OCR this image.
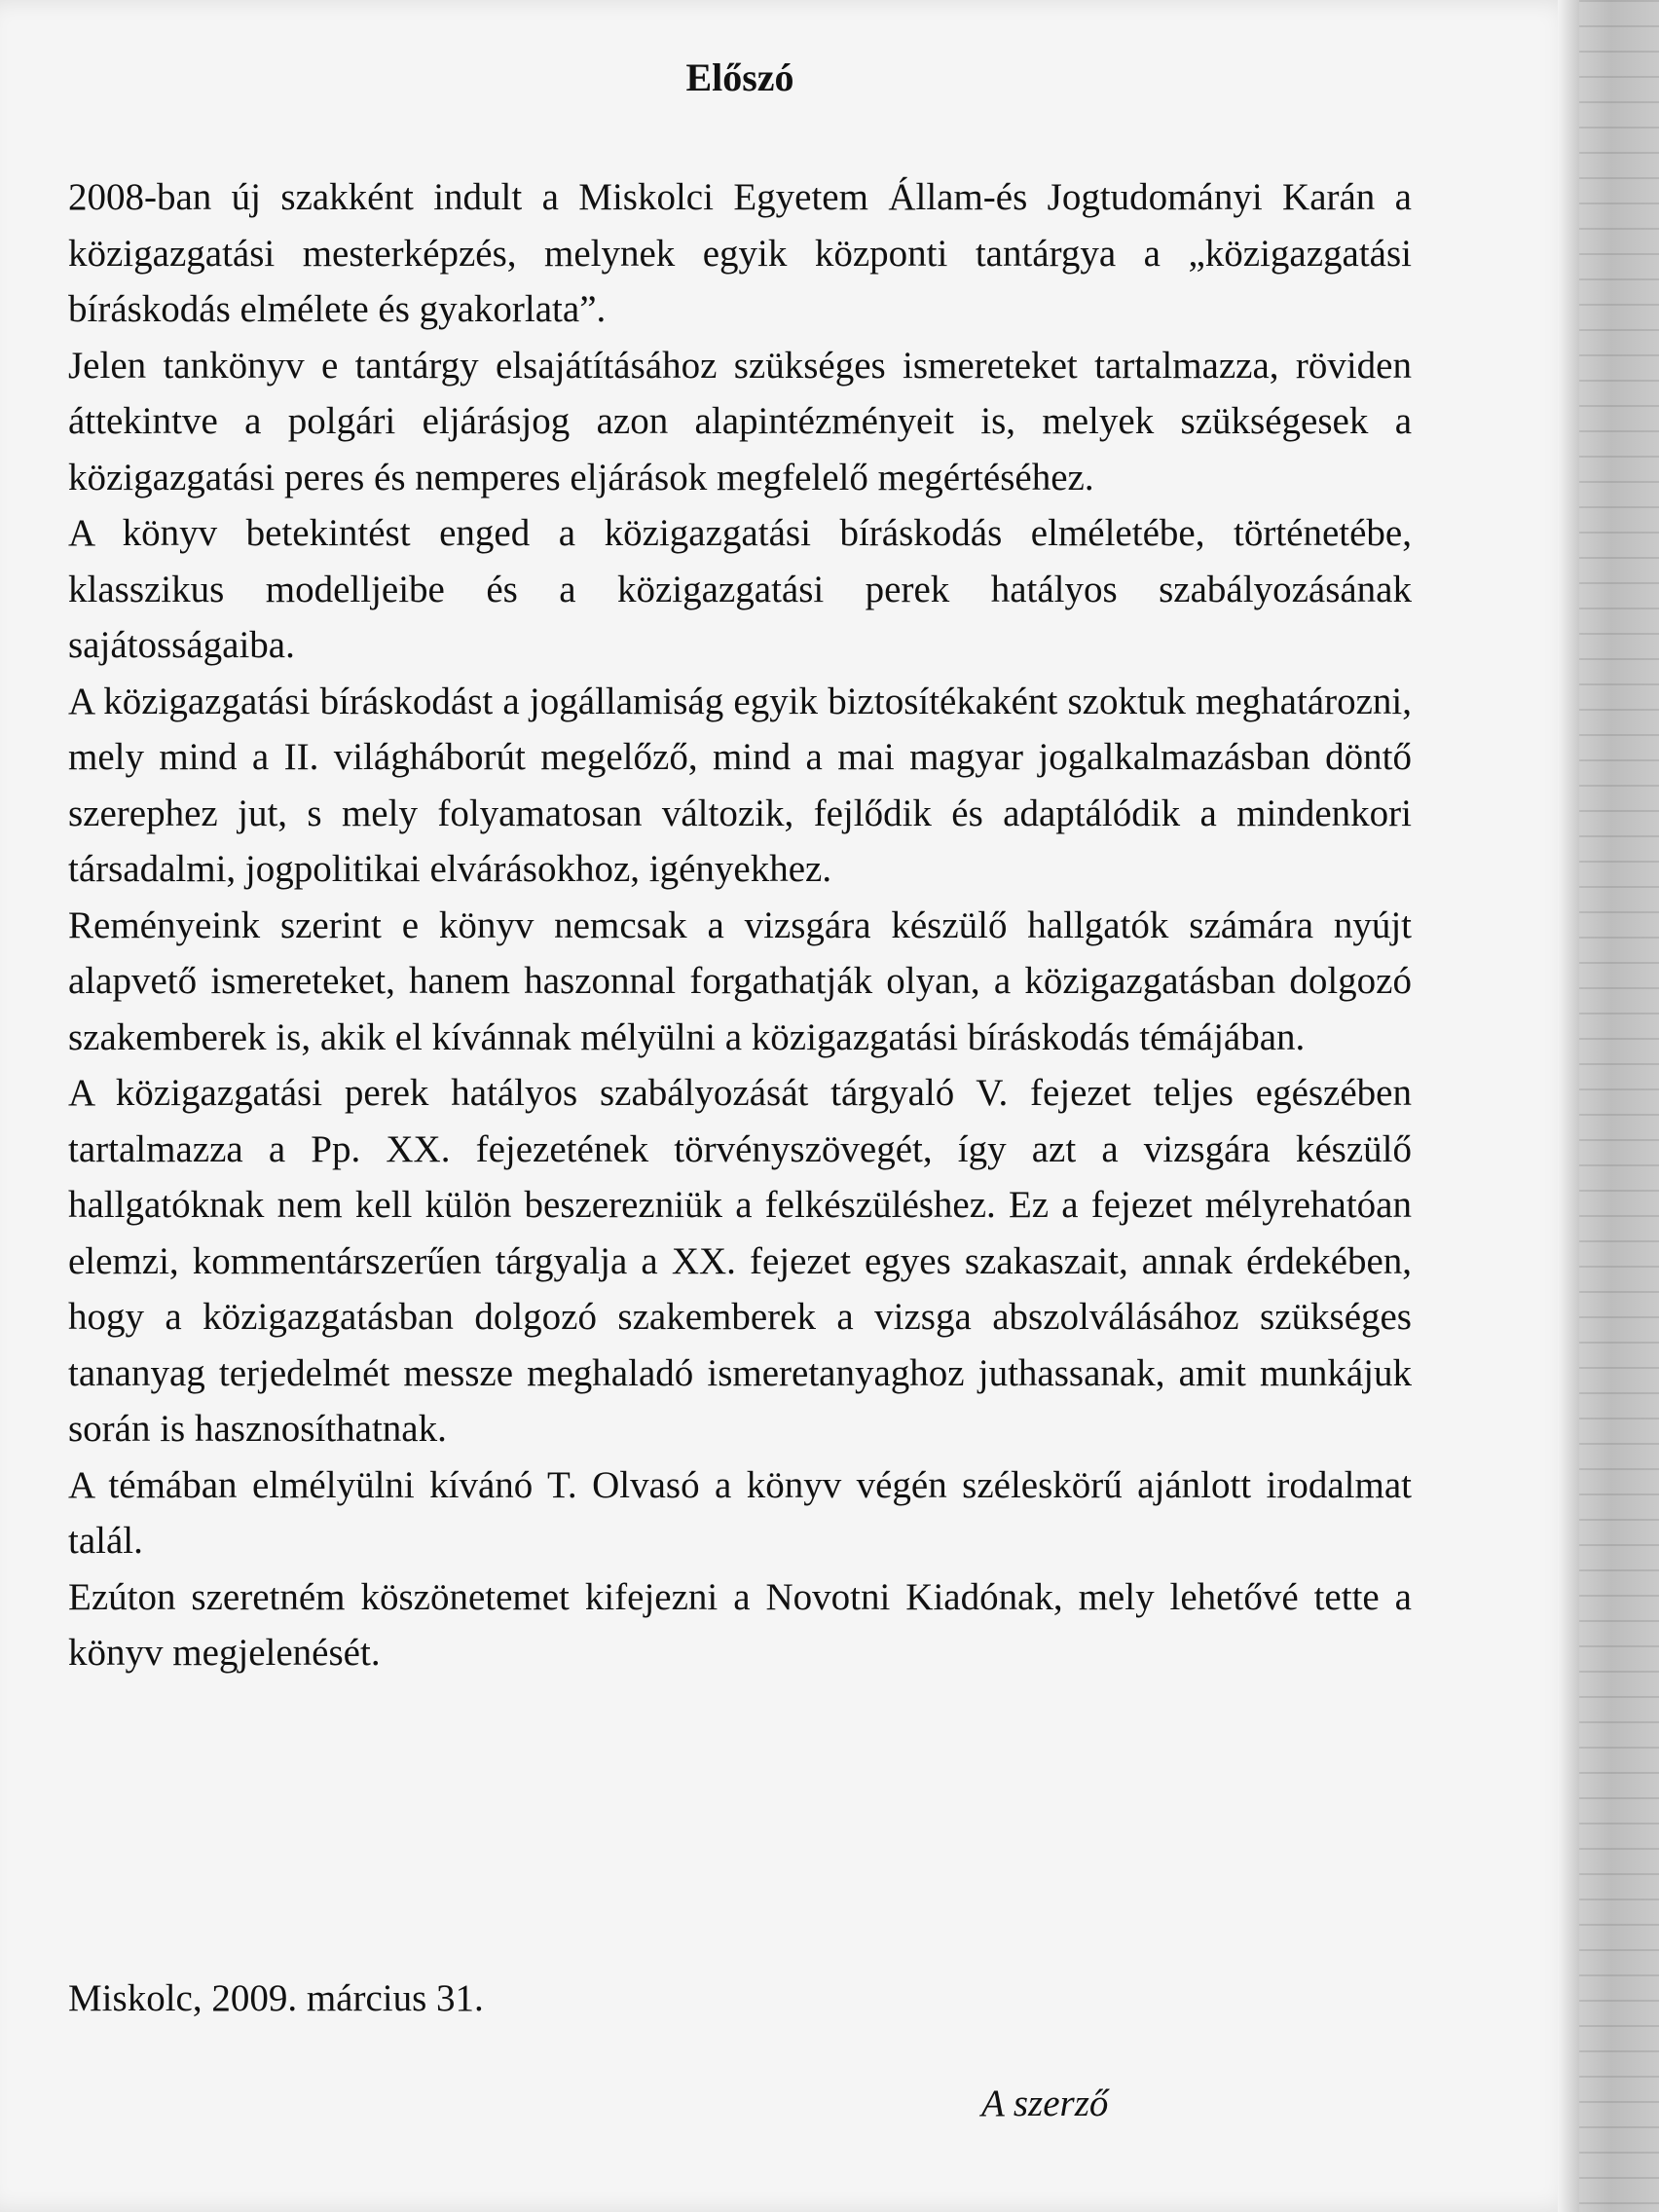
Előszó

2008-ban új szakként indult a Miskolci Egyetem Állam-és Jogtudományi Karán a közigazgatási mesterképzés, melynek egyik központi tantárgya a „közigazgatási bíráskodás elmélete és gyakorlata”.

Jelen tankönyv e tantárgy elsajátításához szükséges ismereteket tartalmazza, röviden áttekintve a polgári eljárásjog azon alapintézményeit is, melyek szükségesek a közigazgatási peres és nemperes eljárások megfelelő megértéséhez.

A könyv betekintést enged a közigazgatási bíráskodás elméletébe, történetébe, klasszikus modelljeibe és a közigazgatási perek hatályos szabályozásának sajátosságaiba.

A közigazgatási bíráskodást a jogállamiság egyik biztosítékaként szoktuk meghatározni, mely mind a II. világháborút megelőző, mind a mai magyar jogalkalmazásban döntő szerephez jut, s mely folyamatosan változik, fejlődik és adaptálódik a mindenkori társadalmi, jogpolitikai elvárásokhoz, igényekhez.

Reményeink szerint e könyv nemcsak a vizsgára készülő hallgatók számára nyújt alapvető ismereteket, hanem haszonnal forgathatják olyan, a közigazgatásban dolgozó szakemberek is, akik el kívánnak mélyülni a közigazgatási bíráskodás témájában.

A közigazgatási perek hatályos szabályozását tárgyaló V. fejezet teljes egészében tartalmazza a Pp. XX. fejezetének törvényszövegét, így azt a vizsgára készülő hallgatóknak nem kell külön beszerezniük a felkészüléshez. Ez a fejezet mélyrehatóan elemzi, kommentárszerűen tárgyalja a XX. fejezet egyes szakaszait, annak érdekében, hogy a közigazgatásban dolgozó szakemberek a vizsga abszolválásához szükséges tananyag terjedelmét messze meghaladó ismeretanyaghoz juthassanak, amit munkájuk során is hasznosíthatnak.

A témában elmélyülni kívánó T. Olvasó a könyv végén széleskörű ajánlott irodalmat talál.

Ezúton szeretném köszönetemet kifejezni a Novotni Kiadónak, mely lehetővé tette a könyv megjelenését.

Miskolc, 2009. március 31.
A szerző
